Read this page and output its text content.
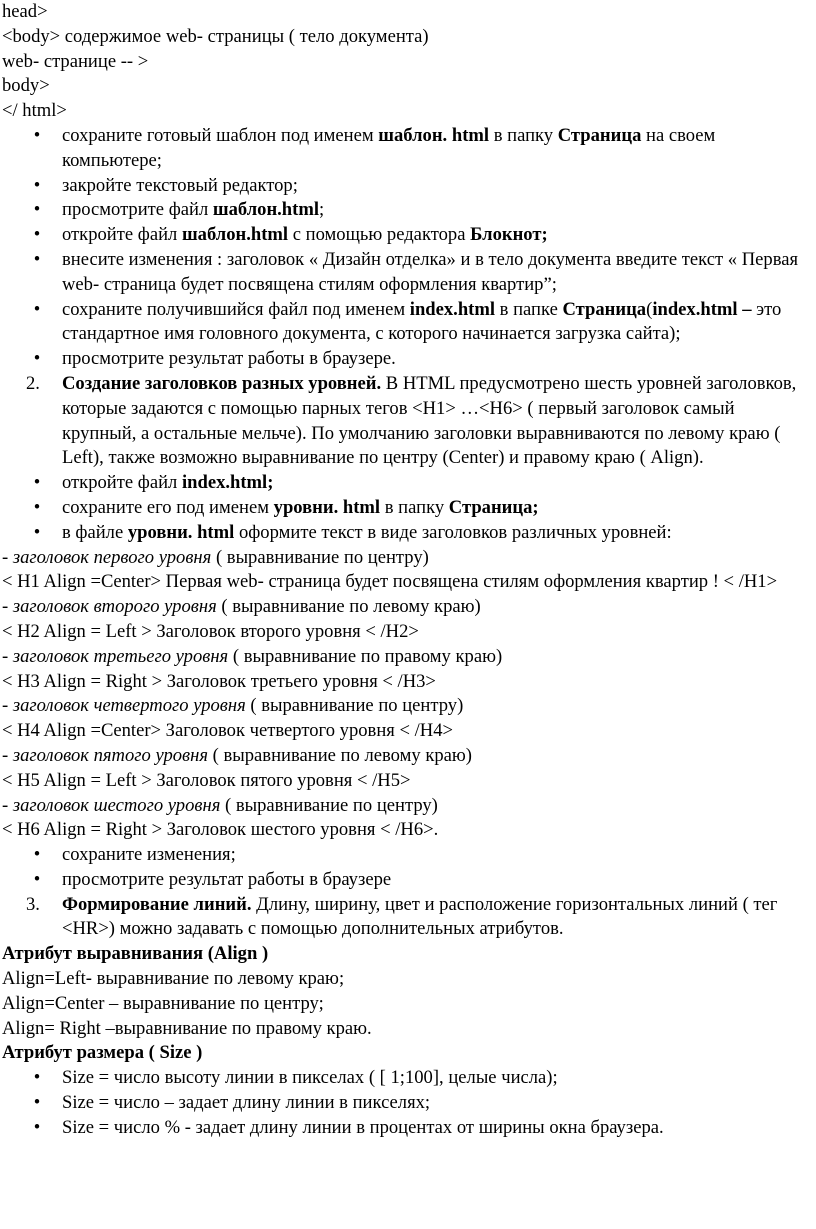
head>

<body> содержимое web- страницы ( тело документа)

web- странице -- >

body>

</ html>

• сохраните готовый шаблон под именем шаблон. html в папку Страница на своем компьютере;
• закройте текстовый редактор;
• просмотрите файл шаблон.html;
• откройте файл шаблон.html с помощью редактора Блокнот;
• внесите изменения : заголовок « Дизайн отделка» и в тело документа введите текст « Первая web- страница будет посвящена стилям оформления квартир”;
• сохраните получившийся файл под именем index.html в папке Страница(index.html – это стандартное имя головного документа, с которого начинается загрузка сайта);
• просмотрите результат работы в браузере.
2.	Создание заголовков разных уровней. В HTML предусмотрено шесть уровней заголовков, которые задаются с помощью парных тегов <H1> …<H6> ( первый заголовок самый крупный, а остальные мельче). По умолчанию заголовки выравниваются по левому краю ( Left), также возможно выравнивание по центру (Center) и правому краю ( Align).
• откройте файл index.html;
• сохраните его под именем уровни. html в папку Страница;
• в файле уровни. html оформите текст в виде заголовков различных уровней:

- заголовок первого уровня ( выравнивание по центру)

< H1 Align =Center> Первая web- страница будет посвящена стилям оформления квартир ! < /H1>

- заголовок второго уровня ( выравнивание по левому краю)

< H2 Align = Left > Заголовок второго уровня < /H2>

- заголовок третьего уровня ( выравнивание по правому краю)

< H3 Align = Right > Заголовок третьего уровня < /H3>

- заголовок четвертого уровня ( выравнивание по центру)

< H4 Align =Center> Заголовок четвертого уровня < /H4>

- заголовок пятого уровня ( выравнивание по левому краю)

< H5 Align = Left > Заголовок пятого уровня < /H5>

- заголовок шестого уровня ( выравнивание по центру)

< H6 Align = Right > Заголовок шестого уровня < /H6>.

• сохраните изменения;
• просмотрите результат работы в браузере
3.	Формирование линий. Длину, ширину, цвет и расположение горизонтальных линий ( тег <HR>) можно задавать с помощью дополнительных атрибутов.

Атрибут выравнивания (Align )

Align=Left- выравнивание по левому краю;

Align=Center – выравнивание по центру;

Align= Right –выравнивание по правому краю.

Атрибут размера ( Size )

• Size = число высоту линии в пикселах ( [ 1;100], целые числа);
• Size = число – задает длину линии в пикселях;
• Size = число % - задает длину линии в процентах от ширины окна браузера.
